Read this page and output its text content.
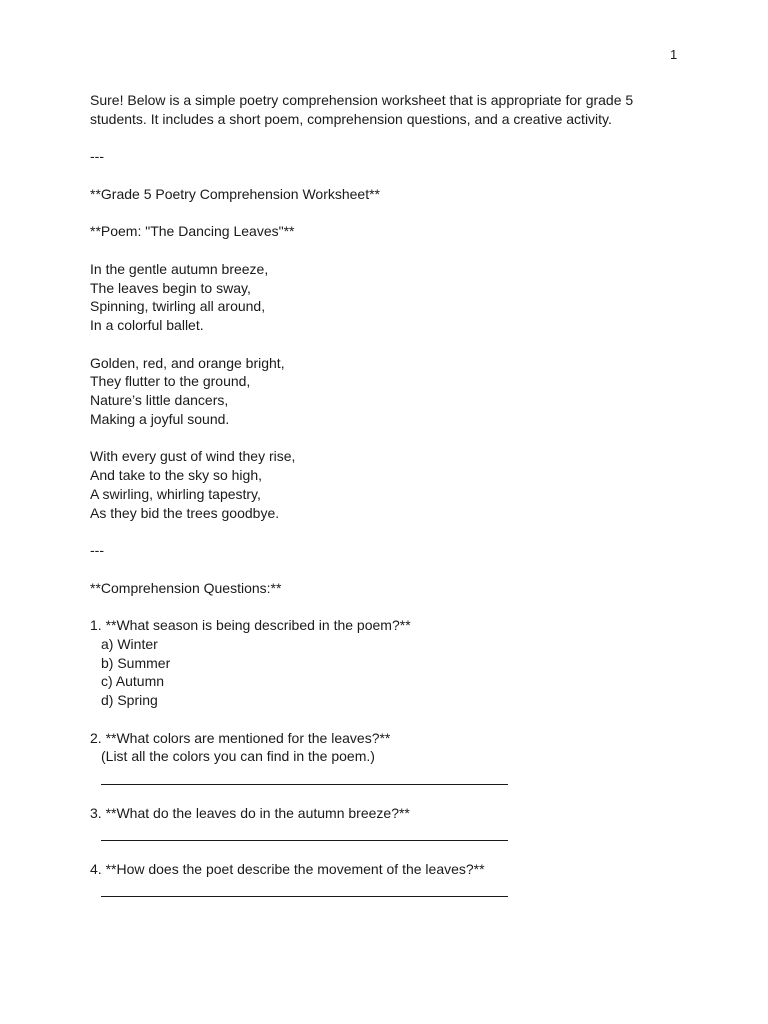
1
Sure! Below is a simple poetry comprehension worksheet that is appropriate for grade 5
students. It includes a short poem, comprehension questions, and a creative activity.
---
**Grade 5 Poetry Comprehension Worksheet**
**Poem: "The Dancing Leaves"**
In the gentle autumn breeze,
The leaves begin to sway,
Spinning, twirling all around,
In a colorful ballet.
Golden, red, and orange bright,
They flutter to the ground,
Nature’s little dancers,
Making a joyful sound.
With every gust of wind they rise,
And take to the sky so high,
A swirling, whirling tapestry,
As they bid the trees goodbye.
---
**Comprehension Questions:**
1. **What season is being described in the poem?**
a) Winter
b) Summer
c) Autumn
d) Spring
2. **What colors are mentioned for the leaves?**
(List all the colors you can find in the poem.)
3. **What do the leaves do in the autumn breeze?**
4. **How does the poet describe the movement of the leaves?**
